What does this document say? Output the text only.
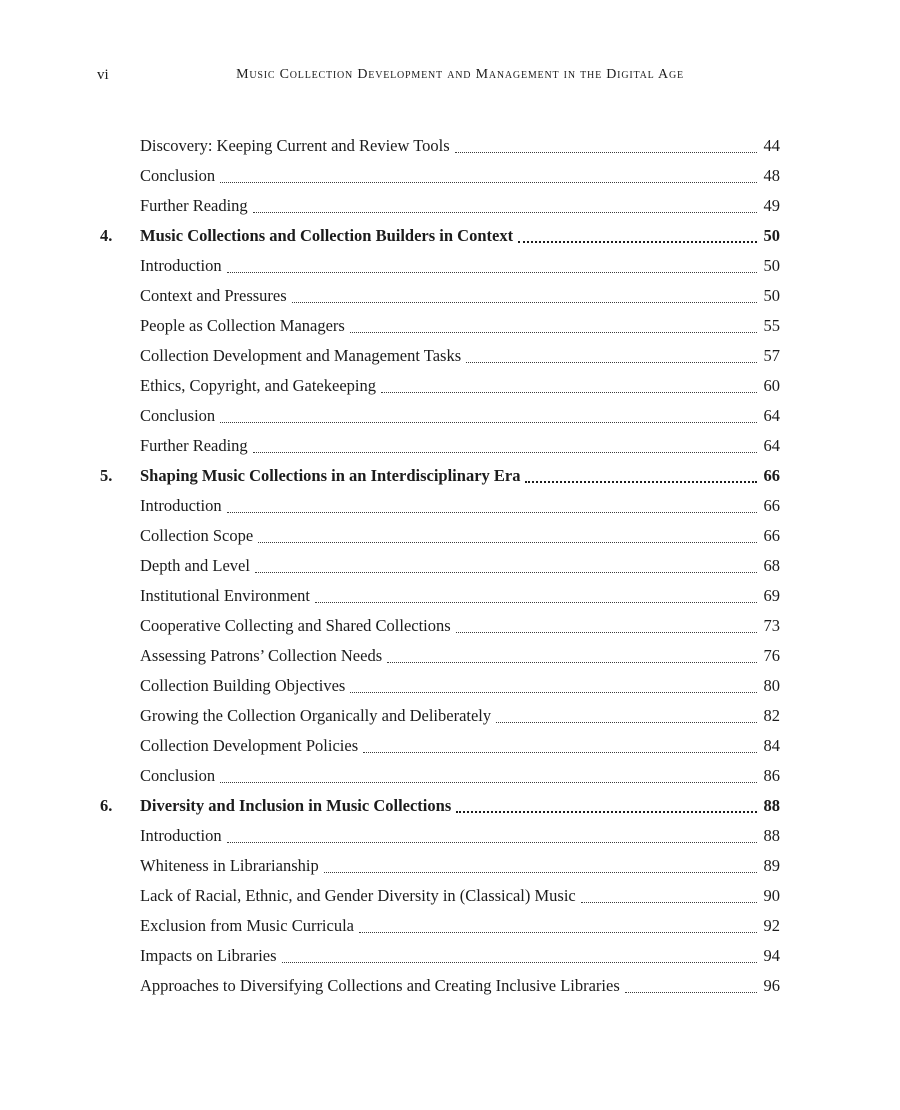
vi	Music Collection Development and Management in the Digital Age
Discovery: Keeping Current and Review Tools	44
Conclusion	48
Further Reading	49
4.	Music Collections and Collection Builders in Context	50
Introduction	50
Context and Pressures	50
People as Collection Managers	55
Collection Development and Management Tasks	57
Ethics, Copyright, and Gatekeeping	60
Conclusion	64
Further Reading	64
5.	Shaping Music Collections in an Interdisciplinary Era	66
Introduction	66
Collection Scope	66
Depth and Level	68
Institutional Environment	69
Cooperative Collecting and Shared Collections	73
Assessing Patrons’ Collection Needs	76
Collection Building Objectives	80
Growing the Collection Organically and Deliberately	82
Collection Development Policies	84
Conclusion	86
6.	Diversity and Inclusion in Music Collections	88
Introduction	88
Whiteness in Librarianship	89
Lack of Racial, Ethnic, and Gender Diversity in (Classical) Music	90
Exclusion from Music Curricula	92
Impacts on Libraries	94
Approaches to Diversifying Collections and Creating Inclusive Libraries	96
